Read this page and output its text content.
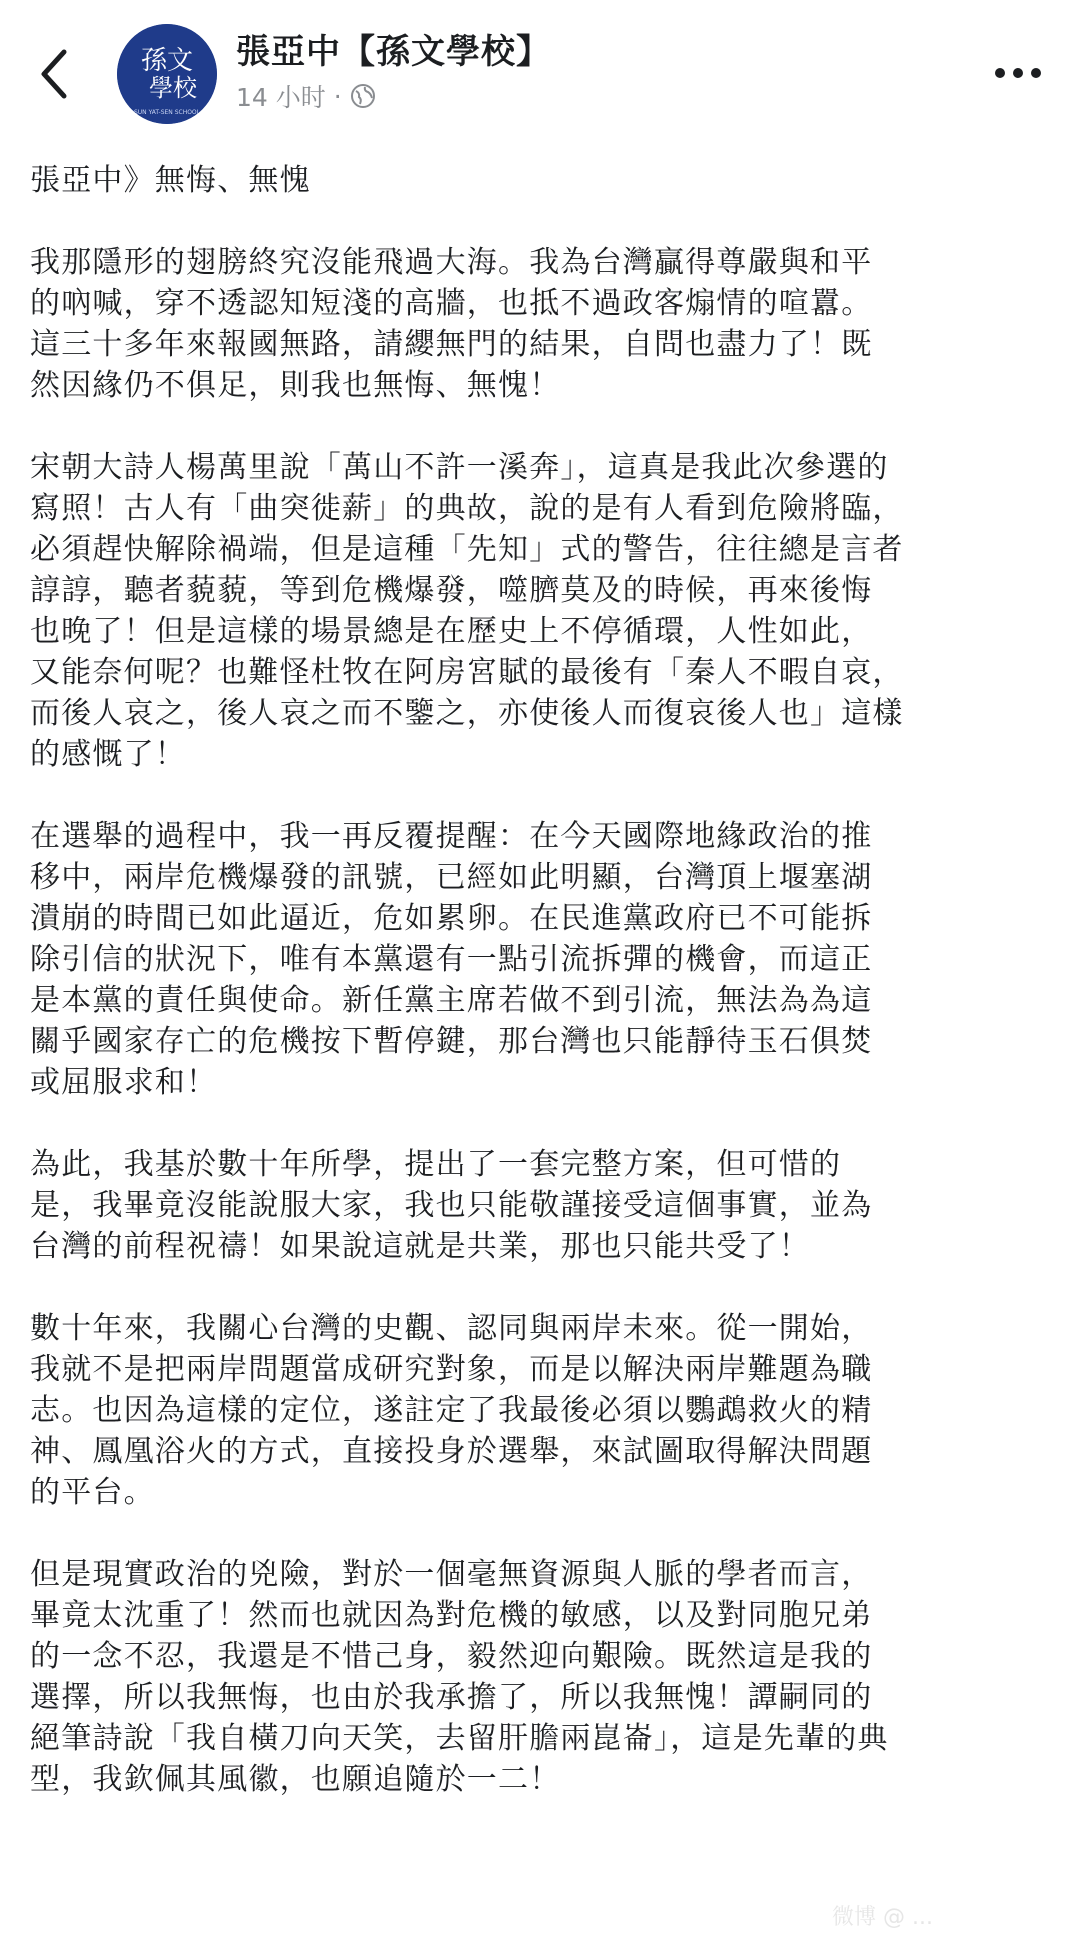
孫文
學校
SUN YAT-SEN SCHOOL
張亞中【孫文學校】
14 小时 ·

張亞中》無悔、無愧

我那隱形的翅膀終究沒能飛過大海。我為台灣贏得尊嚴與和平
的吶喊，穿不透認知短淺的高牆，也抵不過政客煽情的喧囂。
這三十多年來報國無路，請纓無門的結果，自問也盡力了！既
然因緣仍不俱足，則我也無悔、無愧！

宋朝大詩人楊萬里說「萬山不許一溪奔」，這真是我此次參選的
寫照！古人有「曲突徙薪」的典故，說的是有人看到危險將臨，
必須趕快解除禍端，但是這種「先知」式的警告，往往總是言者
諄諄，聽者藐藐，等到危機爆發，噬臍莫及的時候，再來後悔
也晚了！但是這樣的場景總是在歷史上不停循環，人性如此，
又能奈何呢？也難怪杜牧在阿房宮賦的最後有「秦人不暇自哀，
而後人哀之，後人哀之而不鑒之，亦使後人而復哀後人也」這樣
的感慨了！

在選舉的過程中，我一再反覆提醒：在今天國際地緣政治的推
移中，兩岸危機爆發的訊號，已經如此明顯，台灣頂上堰塞湖
潰崩的時間已如此逼近，危如累卵。在民進黨政府已不可能拆
除引信的狀況下，唯有本黨還有一點引流拆彈的機會，而這正
是本黨的責任與使命。新任黨主席若做不到引流，無法為為這
關乎國家存亡的危機按下暫停鍵，那台灣也只能靜待玉石俱焚
或屈服求和！

為此，我基於數十年所學，提出了一套完整方案，但可惜的
是，我畢竟沒能說服大家，我也只能敬謹接受這個事實，並為
台灣的前程祝禱！如果說這就是共業，那也只能共受了！

數十年來，我關心台灣的史觀、認同與兩岸未來。從一開始，
我就不是把兩岸問題當成研究對象，而是以解決兩岸難題為職
志。也因為這樣的定位，遂註定了我最後必須以鸚鵡救火的精
神、鳳凰浴火的方式，直接投身於選舉，來試圖取得解決問題
的平台。

但是現實政治的兇險，對於一個毫無資源與人脈的學者而言，
畢竟太沈重了！然而也就因為對危機的敏感，以及對同胞兄弟
的一念不忍，我還是不惜己身，毅然迎向艱險。既然這是我的
選擇，所以我無悔，也由於我承擔了，所以我無愧！譚嗣同的
絕筆詩說「我自橫刀向天笑，去留肝膽兩崑崙」，這是先輩的典
型，我欽佩其風徽，也願追隨於一二！

微博 @ ...
